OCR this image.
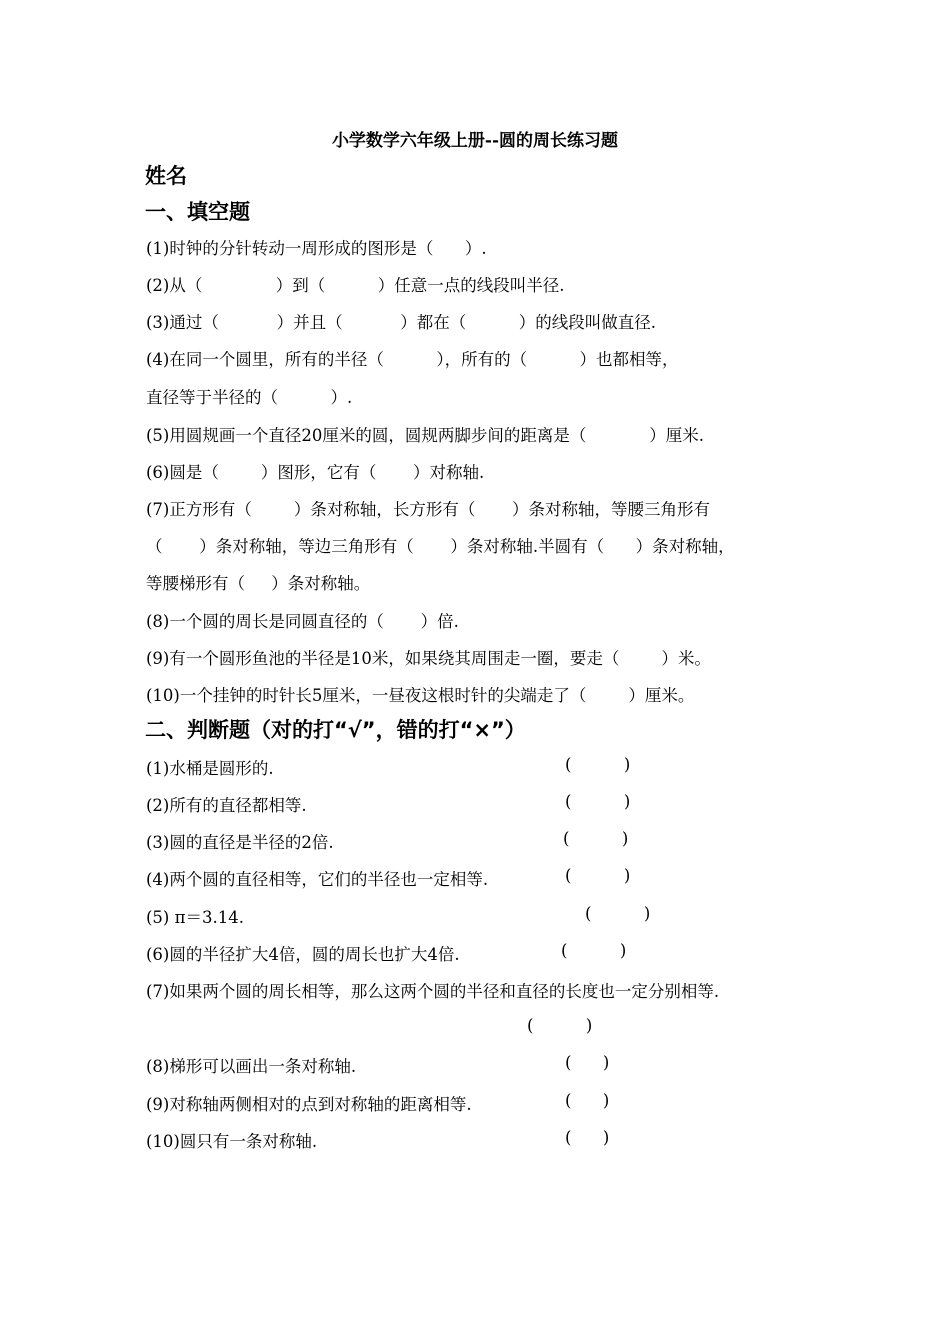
小学数学六年级上册--圆的周长练习题
姓名
一、填空题
(1)时钟的分针转动一周形成的图形是（      ）.
(2)从（              ）到（          ）任意一点的线段叫半径.
(3)通过（           ）并且（           ）都在（          ）的线段叫做直径.
(4)在同一个圆里，所有的半径（          ），所有的（          ）也都相等，
直径等于半径的（          ）.
(5)用圆规画一个直径20厘米的圆，圆规两脚步间的距离是（            ）厘米.
(6)圆是（        ）图形，它有（       ）对称轴.
(7)正方形有（        ）条对称轴，长方形有（       ）条对称轴，等腰三角形有
（       ）条对称轴，等边三角形有（       ）条对称轴.半圆有（      ）条对称轴，
等腰梯形有（     ）条对称轴。
(8)一个圆的周长是同圆直径的（       ）倍.
(9)有一个圆形鱼池的半径是10米，如果绕其周围走一圈，要走（        ）米。
(10)一个挂钟的时针长5厘米，一昼夜这根时针的尖端走了（        ）厘米。
二、判断题（对的打“√”，错的打“×”）
(1)水桶是圆形的.	(          )
(2)所有的直径都相等.	(          )
(3)圆的直径是半径的2倍.	(          )
(4)两个圆的直径相等，它们的半径也一定相等.	(          )
(5) π＝3.14.	(          )
(6)圆的半径扩大4倍，圆的周长也扩大4倍.	(          )
(7)如果两个圆的周长相等，那么这两个圆的半径和直径的长度也一定分别相等.
(          )
(8)梯形可以画出一条对称轴.	(      )
(9)对称轴两侧相对的点到对称轴的距离相等.	(      )
(10)圆只有一条对称轴.	(      )
